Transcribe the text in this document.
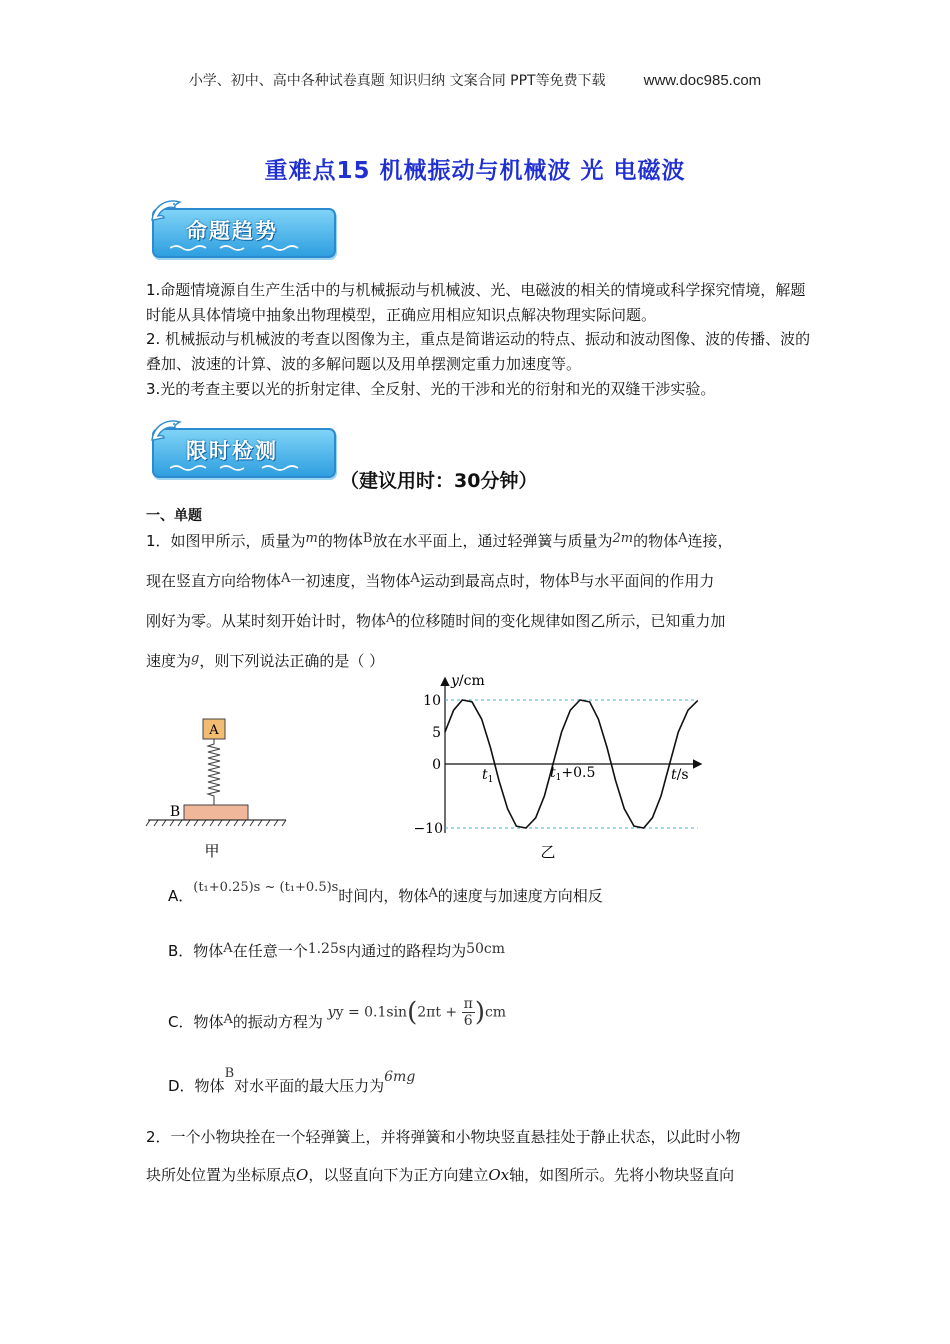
小学、初中、高中各种试卷真题 知识归纳 文案合同 PPT等免费下载	www.doc985.com
重难点15 机械振动与机械波 光 电磁波
命题趋势
1.命题情境源自生产生活中的与机械振动与机械波、光、电磁波的相关的情境或科学探究情境，解题时能从具体情境中抽象出物理模型，正确应用相应知识点解决物理实际问题。
2. 机械振动与机械波的考查以图像为主，重点是简谐运动的特点、振动和波动图像、波的传播、波的叠加、波速的计算、波的多解问题以及用单摆测定重力加速度等。
3.光的考查主要以光的折射定律、全反射、光的干涉和光的衍射和光的双缝干涉实验。
限时检测
（建议用时：30分钟）
一、单题
1．如图甲所示，质量为m的物体B放在水平面上，通过轻弹簧与质量为2m的物体A连接，
现在竖直方向给物体A一初速度，当物体A运动到最高点时，物体B与水平面间的作用力
刚好为零。从某时刻开始计时，物体A的位移随时间的变化规律如图乙所示，已知重力加
速度为g，则下列说法正确的是（ ）
A
B
甲
y/cm
t/s
10
5
0
−10
$t_1$	$t_1+0.5$
乙
A．(t₁+0.25)s ~ (t₁+0.5)s时间内，物体A的速度与加速度方向相反
B．物体A在任意一个1.25s内通过的路程均为50cm
C．物体A的振动方程为 yy = $0.1\sin(2\pi t + \frac{\pi}{6} )cm$
D．物体B对水平面的最大压力为6mg
2．一个小物块拴在一个轻弹簧上，并将弹簧和小物块竖直悬挂处于静止状态，以此时小物
块所处位置为坐标原点O，以竖直向下为正方向建立Ox轴，如图所示。先将小物块竖直向
